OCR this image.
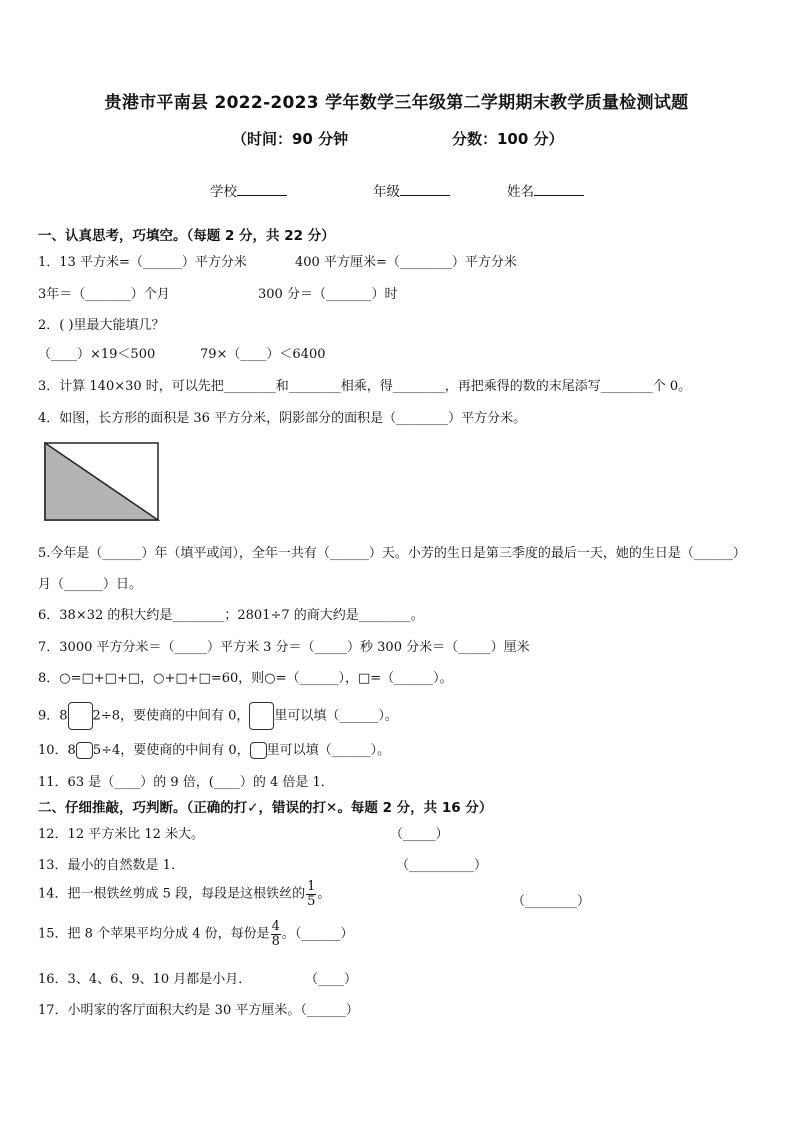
贵港市平南县 2022-2023 学年数学三年级第二学期期末教学质量检测试题
（时间：90 分钟	分数：100 分）
学校	年级	姓名
一、认真思考，巧填空。（每题 2 分，共 22 分）
1．13 平方米=（______）平方分米	400 平方厘米=（________）平方分米
3年＝（_______）个月	300 分＝（_______）时
2．( )里最大能填几？
（____）×19＜500	79×（____）＜6400
3．计算 140×30 时，可以先把________和________相乘，得________，再把乘得的数的末尾添写________个 0。
4．如图，长方形的面积是 36 平方分米，阴影部分的面积是（________）平方分米。
5.今年是（______）年（填平或闰），全年一共有（______）天。小芳的生日是第三季度的最后一天，她的生日是（______）
月（______）日。
6．38×32 的积大约是________；2801÷7 的商大约是________。
7．3000 平方分米＝（_____）平方米 3 分＝（_____）秒 300 分米＝（_____）厘米
8．○=□+□+□，○+□+□=60，则○=（______），□=（______）。
9．8 2÷8，要使商的中间有 0， 里可以填（______）。
10．8 5÷4，要使商的中间有 0， 里可以填（______）。
11．63 是（____）的 9 倍，(____）的 4 倍是 1．
二、仔细推敲，巧判断。（正确的打✓，错误的打✕。每题 2 分，共 16 分）
12．12 平方米比 12 米大。	（_____）
13．最小的自然数是 1．	（__________）
14．把一根铁丝剪成 5 段，每段是这根铁丝的 $\frac{1}{5}$ 。	（________）
15．把 8 个苹果平均分成 4 份，每份是 $\frac{4}{8}$ 。（______）
16．3、4、6、9、10 月都是小月．	（____）
17．小明家的客厅面积大约是 30 平方厘米。（______）
